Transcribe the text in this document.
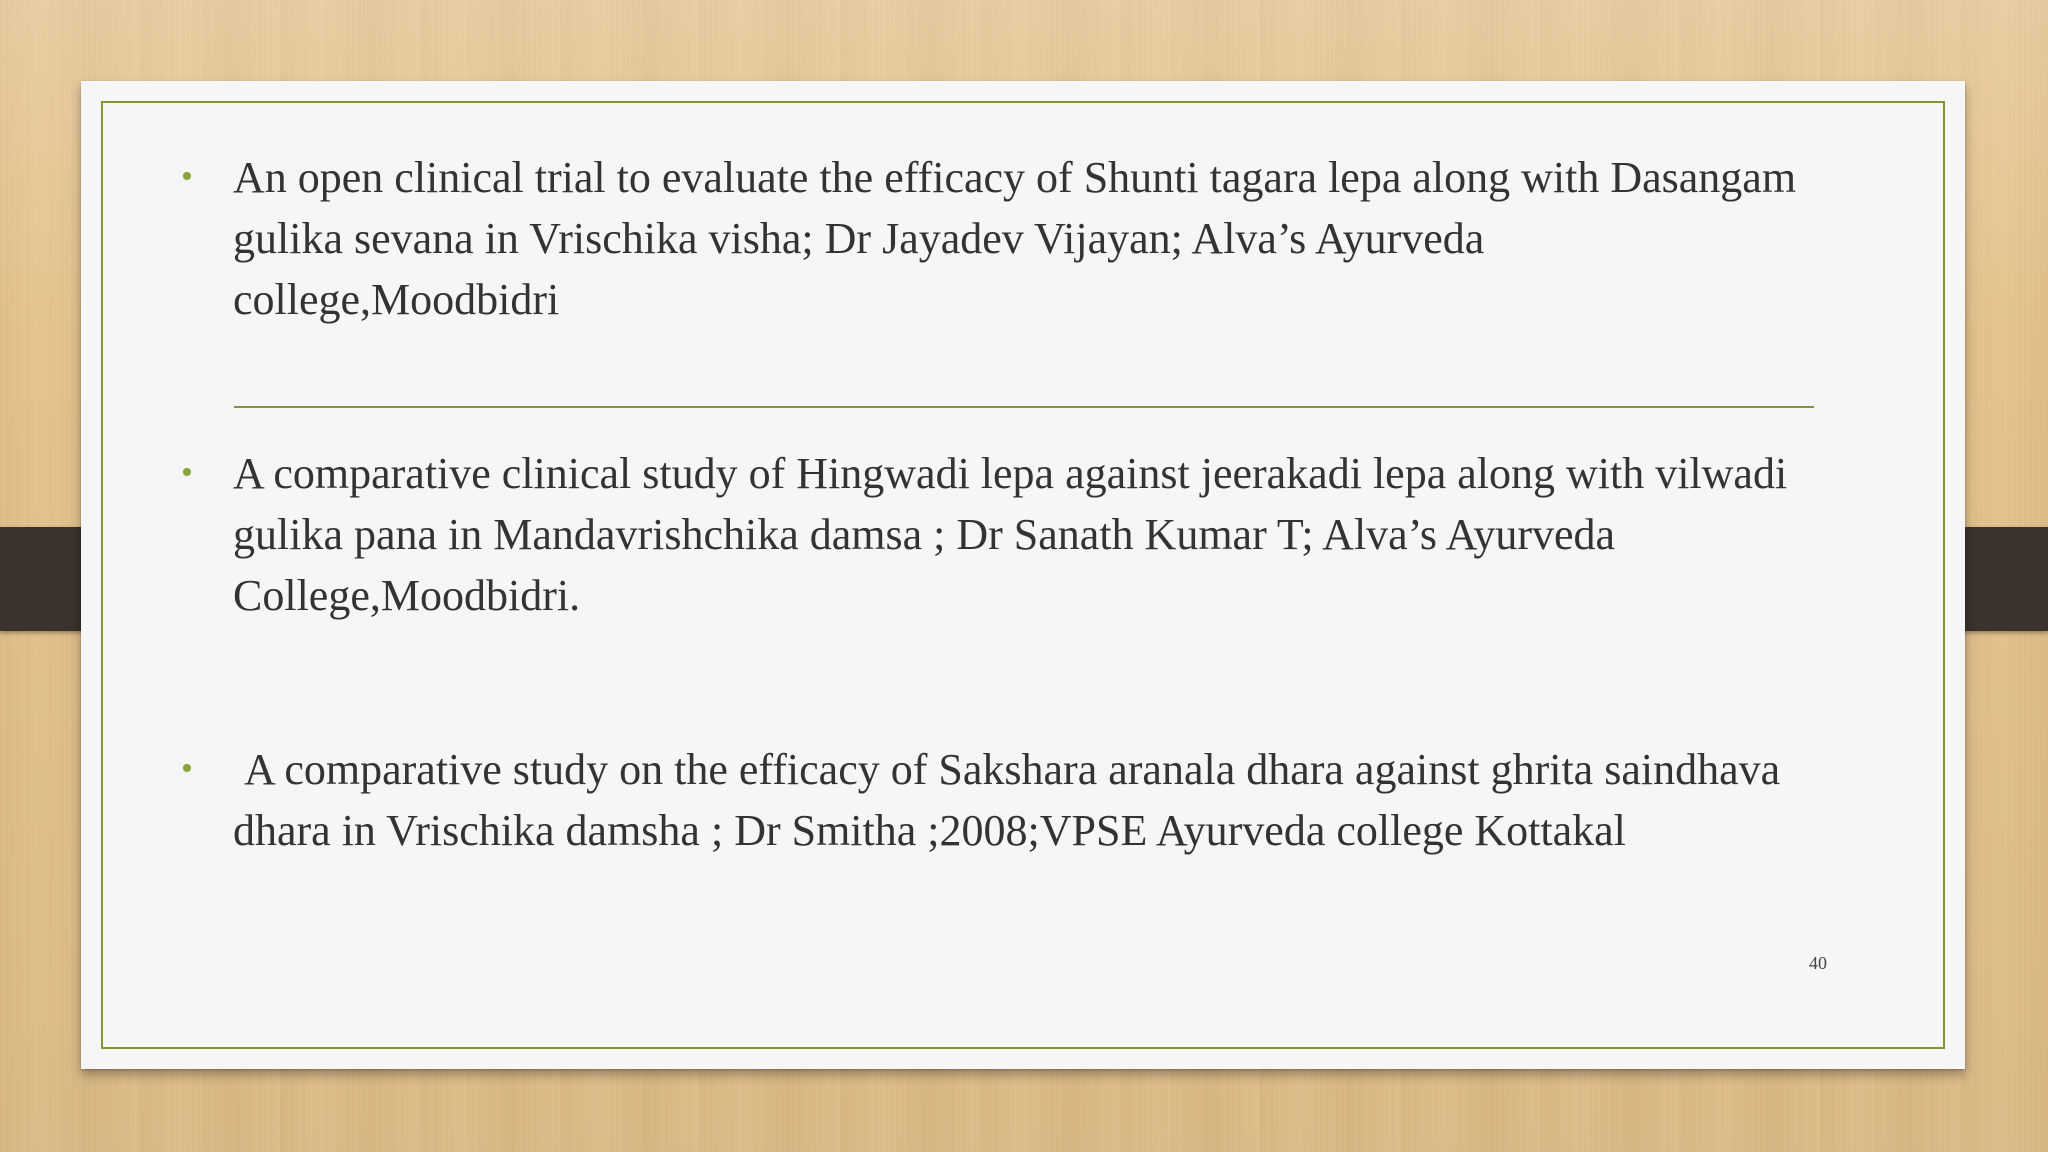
• An open clinical trial to evaluate the efficacy of Shunti tagara lepa along with Dasangam gulika sevana in Vrischika visha; Dr Jayadev Vijayan; Alva’s Ayurveda college,Moodbidri
• A comparative clinical study of Hingwadi lepa against jeerakadi lepa along with vilwadi gulika pana in Mandavrishchika damsa ; Dr Sanath Kumar T; Alva’s Ayurveda College,Moodbidri.
• A comparative study on the efficacy of Sakshara aranala dhara against ghrita saindhava dhara in Vrischika damsha ; Dr Smitha ;2008;VPSE Ayurveda college Kottakal
40
